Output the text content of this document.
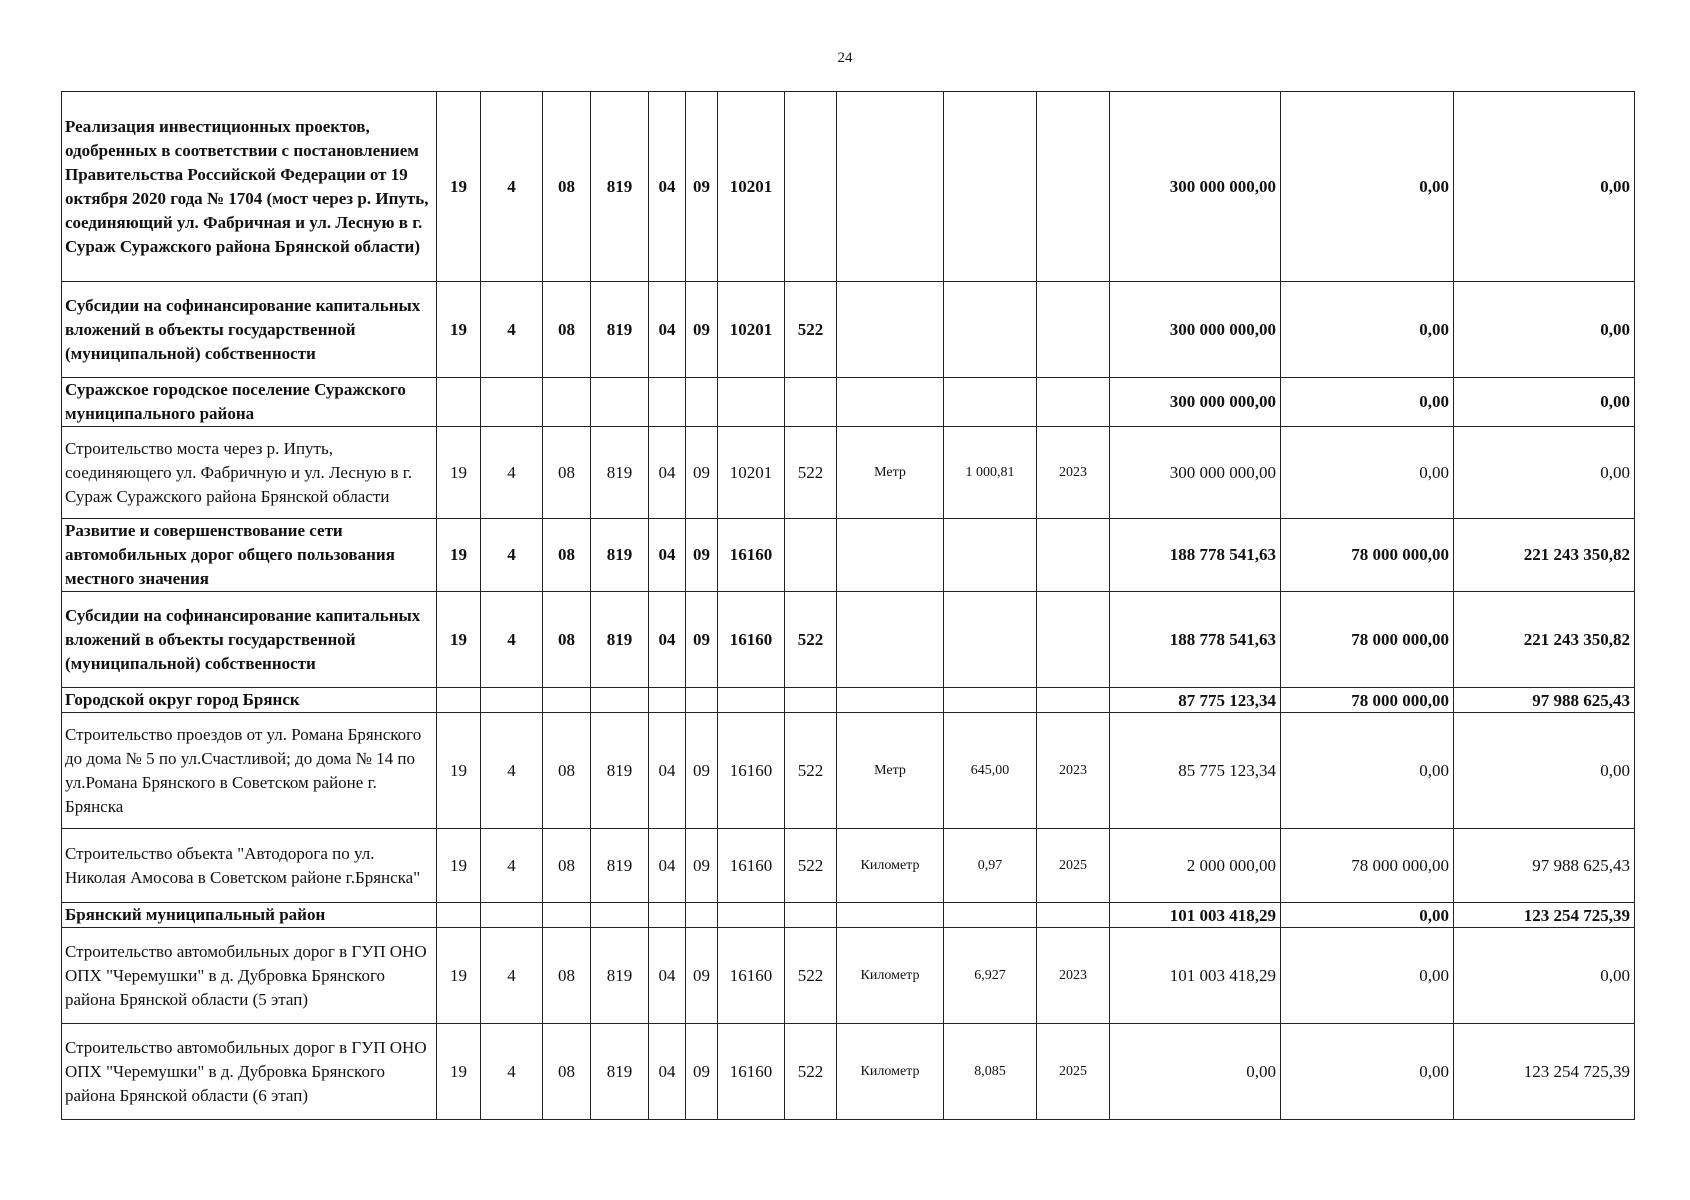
24
Реализация инвестиционных проектов, одобренных в соответствии с постановлением Правительства Российской Федерации от 19 октября 2020 года № 1704 (мост через р. Ипуть, соединяющий ул. Фабричная и ул. Лесную в г. Сураж Суражского района Брянской области)	19	4	08	819	04	09	10201					300 000 000,00	0,00	0,00
Субсидии на софинансирование капитальных вложений в объекты государственной (муниципальной) собственности	19	4	08	819	04	09	10201	522				300 000 000,00	0,00	0,00
Суражское городское поселение Суражского муниципального района												300 000 000,00	0,00	0,00
Строительство моста через р. Ипуть, соединяющего ул. Фабричную и ул. Лесную в г. Сураж Суражского района Брянской области	19	4	08	819	04	09	10201	522	Метр	1 000,81	2023	300 000 000,00	0,00	0,00
Развитие и совершенствование сети автомобильных дорог общего пользования местного значения	19	4	08	819	04	09	16160					188 778 541,63	78 000 000,00	221 243 350,82
Субсидии на софинансирование капитальных вложений в объекты государственной (муниципальной) собственности	19	4	08	819	04	09	16160	522				188 778 541,63	78 000 000,00	221 243 350,82
Городской округ город Брянск												87 775 123,34	78 000 000,00	97 988 625,43
Строительство проездов от ул. Романа Брянского до дома № 5 по ул.Счастливой; до дома № 14 по ул.Романа Брянского в Советском районе г. Брянска	19	4	08	819	04	09	16160	522	Метр	645,00	2023	85 775 123,34	0,00	0,00
Строительство объекта "Автодорога по ул. Николая Амосова в Советском районе г.Брянска"	19	4	08	819	04	09	16160	522	Километр	0,97	2025	2 000 000,00	78 000 000,00	97 988 625,43
Брянский муниципальный район												101 003 418,29	0,00	123 254 725,39
Строительство автомобильных дорог в ГУП ОНО ОПХ "Черемушки" в д. Дубровка Брянского района Брянской области (5 этап)	19	4	08	819	04	09	16160	522	Километр	6,927	2023	101 003 418,29	0,00	0,00
Строительство автомобильных дорог в ГУП ОНО ОПХ "Черемушки" в д. Дубровка Брянского района Брянской области (6 этап)	19	4	08	819	04	09	16160	522	Километр	8,085	2025	0,00	0,00	123 254 725,39
